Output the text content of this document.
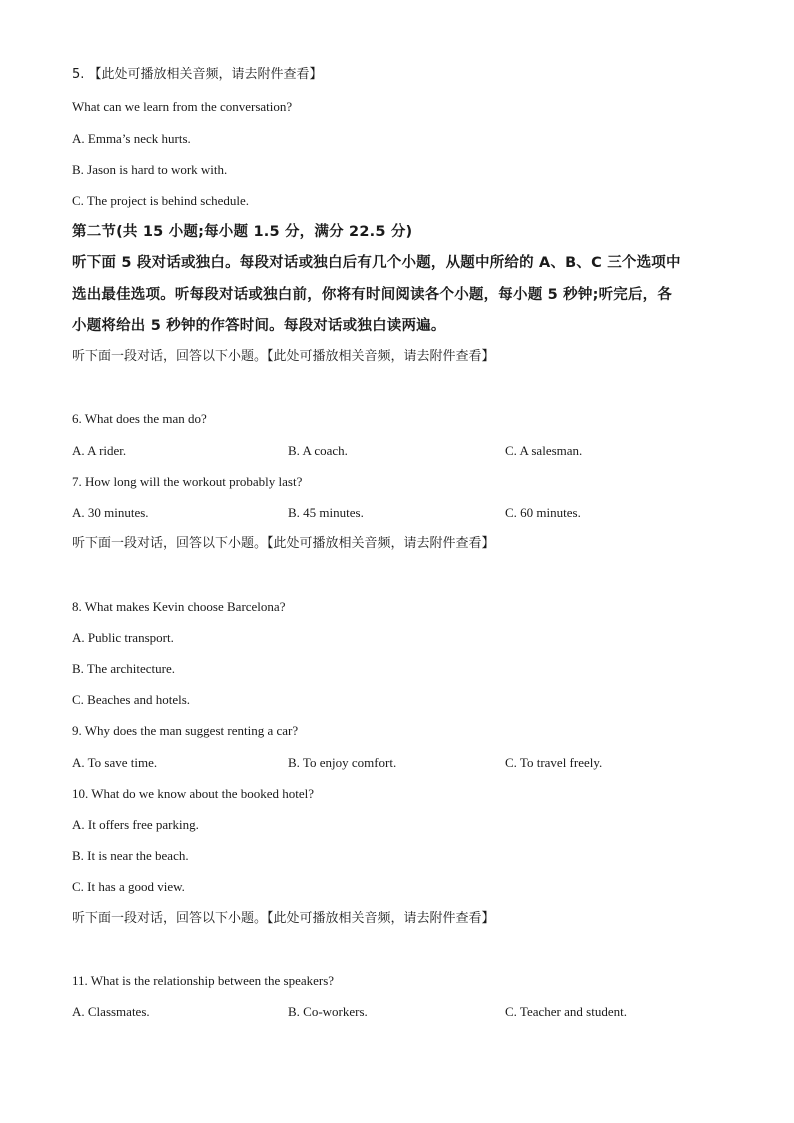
5. 【此处可播放相关音频，请去附件查看】
What can we learn from the conversation?
A. Emma’s neck hurts.
B. Jason is hard to work with.
C. The project is behind schedule.
第二节(共 15 小题;每小题 1.5 分，满分 22.5 分)
听下面 5 段对话或独白。每段对话或独白后有几个小题，从题中所给的 A、B、C 三个选项中
选出最佳选项。听每段对话或独白前，你将有时间阅读各个小题，每小题 5 秒钟;听完后，各
小题将给出 5 秒钟的作答时间。每段对话或独白读两遍。
听下面一段对话，回答以下小题。【此处可播放相关音频，请去附件查看】
6. What does the man do?
A. A rider.	B. A coach.	C. A salesman.
7. How long will the workout probably last?
A. 30 minutes.	B. 45 minutes.	C. 60 minutes.
听下面一段对话，回答以下小题。【此处可播放相关音频，请去附件查看】
8. What makes Kevin choose Barcelona?
A. Public transport.
B. The architecture.
C. Beaches and hotels.
9. Why does the man suggest renting a car?
A. To save time.	B. To enjoy comfort.	C. To travel freely.
10. What do we know about the booked hotel?
A. It offers free parking.
B. It is near the beach.
C. It has a good view.
听下面一段对话，回答以下小题。【此处可播放相关音频，请去附件查看】
11. What is the relationship between the speakers?
A. Classmates.	B. Co-workers.	C. Teacher and student.
